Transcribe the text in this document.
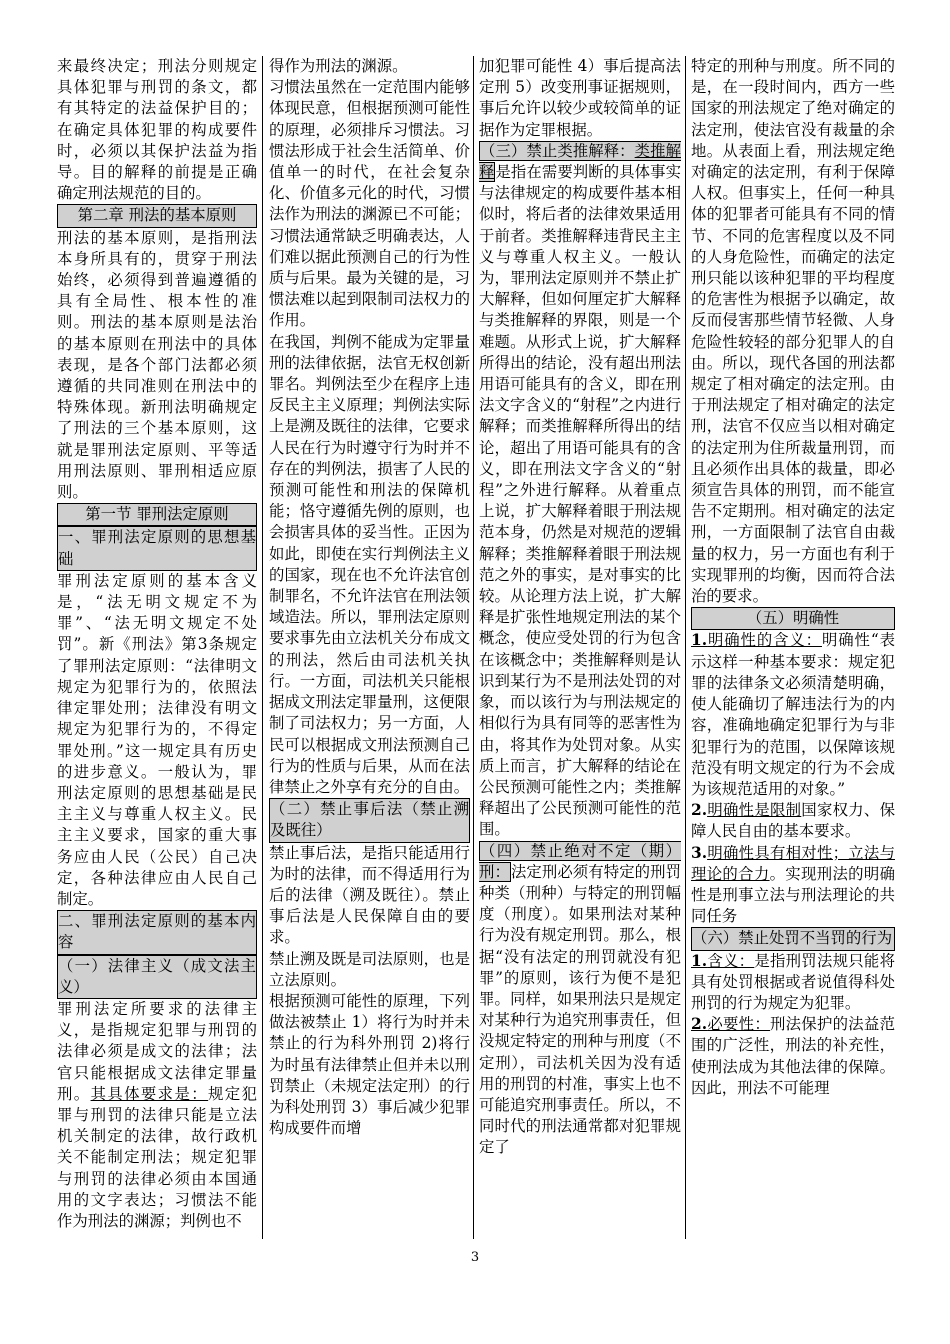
来最终决定；刑法分则规定具体犯罪与刑罚的条文，都有其特定的法益保护目的；在确定具体犯罪的构成要件时，必须以其保护法益为指导。目的解释的前提是正确确定刑法规范的目的。

第二章 刑法的基本原则

刑法的基本原则，是指刑法本身所具有的，贯穿于刑法始终，必须得到普遍遵循的具有全局性、根本性的准则。刑法的基本原则是法治的基本原则在刑法中的具体表现，是各个部门法都必须遵循的共同准则在刑法中的特殊体现。新刑法明确规定了刑法的三个基本原则，这就是罪刑法定原则、平等适用刑法原则、罪刑相适应原则。

第一节 罪刑法定原则

一、罪刑法定原则的思想基础

罪刑法定原则的基本含义是，“法无明文规定不为罪”、“法无明文规定不处罚”。新《刑法》第3条规定了罪刑法定原则：“法律明文规定为犯罪行为的，依照法律定罪处刑；法律没有明文规定为犯罪行为的，不得定罪处刑。”这一规定具有历史的进步意义。一般认为，罪刑法定原则的思想基础是民主主义与尊重人权主义。民主主义要求，国家的重大事务应由人民（公民）自己决定，各种法律应由人民自己制定。

二、罪刑法定原则的基本内容

（一）法律主义（成文法主义）

罪刑法定所要求的法律主义，是指规定犯罪与刑罚的法律必须是成文的法律；法官只能根据成文法律定罪量刑。其具体要求是：规定犯罪与刑罚的法律只能是立法机关制定的法律，故行政机关不能制定刑法；规定犯罪与刑罚的法律必须由本国通用的文字表达；习惯法不能作为刑法的渊源；判例也不

得作为刑法的渊源。

习惯法虽然在一定范围内能够体现民意，但根据预测可能性的原理，必须排斥习惯法。习惯法形成于社会生活简单、价值单一的时代，在社会复杂化、价值多元化的时代，习惯法作为刑法的渊源已不可能；习惯法通常缺乏明确表达，人们难以据此预测自己的行为性质与后果。最为关键的是，习惯法难以起到限制司法权力的作用。

在我国，判例不能成为定罪量刑的法律依据，法官无权创新罪名。判例法至少在程序上违反民主主义原理；判例法实际上是溯及既往的法律，它要求人民在行为时遵守行为时并不存在的判例法，损害了人民的预测可能性和刑法的保障机能；恪守遵循先例的原则，也会损害具体的妥当性。正因为如此，即使在实行判例法主义的国家，现在也不允许法官创制罪名，不允许法官在刑法领域造法。所以，罪刑法定原则要求事先由立法机关分布成文的刑法，然后由司法机关执行。一方面，司法机关只能根据成文刑法定罪量刑，这便限制了司法权力；另一方面，人民可以根据成文刑法预测自己行为的性质与后果，从而在法律禁止之外享有充分的自由。

（二）禁止事后法（禁止溯及既往）

禁止事后法，是指只能适用行为时的法律，而不得适用行为后的法律（溯及既往）。禁止事后法是人民保障自由的要求。

禁止溯及既是司法原则，也是立法原则。

根据预测可能性的原理，下列做法被禁止 1）将行为时并未禁止的行为科外刑罚 2)将行为时虽有法律禁止但并未以刑罚禁止（未规定法定刑）的行为科处刑罚 3）事后减少犯罪构成要件而增

加犯罪可能性 4）事后提高法定刑 5）改变刑事证据规则，事后允许以较少或较简单的证据作为定罪根据。

（三）禁止类推解释：类推解释是指在需要判断的具体事实与法律规定的构成要件基本相似时，将后者的法律效果适用于前者。类推解释违背民主主义与尊重人权主义。一般认为，罪刑法定原则并不禁止扩大解释，但如何厘定扩大解释与类推解释的界限，则是一个难题。从形式上说，扩大解释所得出的结论，没有超出刑法用语可能具有的含义，即在刑法文字含义的“射程”之内进行解释；而类推解释所得出的结论，超出了用语可能具有的含义，即在刑法文字含义的“射程”之外进行解释。从着重点上说，扩大解释着眼于刑法规范本身，仍然是对规范的逻辑解释；类推解释着眼于刑法规范之外的事实，是对事实的比较。从论理方法上说，扩大解释是扩张性地规定刑法的某个概念，使应受处罚的行为包含在该概念中；类推解释则是认识到某行为不是刑法处罚的对象，而以该行为与刑法规定的相似行为具有同等的恶害性为由，将其作为处罚对象。从实质上而言，扩大解释的结论在公民预测可能性之内；类推解释超出了公民预测可能性的范围。

（四）禁止绝对不定（期）刑：法定刑必须有特定的刑罚种类（刑种）与特定的刑罚幅度（刑度）。如果刑法对某种行为没有规定刑罚。那么，根据“没有法定的刑罚就没有犯罪”的原则，该行为便不是犯罪。同样，如果刑法只是规定对某种行为追究刑事责任，但没规定特定的刑种与刑度（不定刑），司法机关因为没有适用的刑罚的村准，事实上也不可能追究刑事责任。所以，不同时代的刑法通常都对犯罪规定了

特定的刑种与刑度。所不同的是，在一段时间内，西方一些国家的刑法规定了绝对确定的法定刑，使法官没有裁量的余地。从表面上看，刑法规定绝对确定的法定刑，有利于保障人权。但事实上，任何一种具体的犯罪者可能具有不同的情节、不同的危害程度以及不同的人身危险性，而确定的法定刑只能以该种犯罪的平均程度的危害性为根据予以确定，故反而侵害那些情节轻微、人身危险性较轻的部分犯罪人的自由。所以，现代各国的刑法都规定了相对确定的法定刑。由于刑法规定了相对确定的法定刑，法官不仅应当以相对确定的法定刑为住所裁量刑罚，而且必须作出具体的裁量，即必须宣告具体的刑罚，而不能宣告不定期刑。相对确定的法定刑，一方面限制了法官自由裁量的权力，另一方面也有利于实现罪刑的均衡，因而符合法治的要求。

（五）明确性

1.明确性的含义：明确性“表示这样一种基本要求：规定犯罪的法律条文必须清楚明确，使人能确切了解违法行为的内容，准确地确定犯罪行为与非犯罪行为的范围，以保障该规范没有明文规定的行为不会成为该规范适用的对象。”

2.明确性是限制国家权力、保障人民自由的基本要求。

3.明确性具有相对性；立法与理论的合力。实现刑法的明确性是刑事立法与刑法理论的共同任务

（六）禁止处罚不当罚的行为

1.含义：是指刑罚法规只能将具有处罚根据或者说值得科处刑罚的行为规定为犯罪。

2.必要性：刑法保护的法益范围的广泛性，刑法的补充性，使刑法成为其他法律的保障。因此，刑法不可能理

3
